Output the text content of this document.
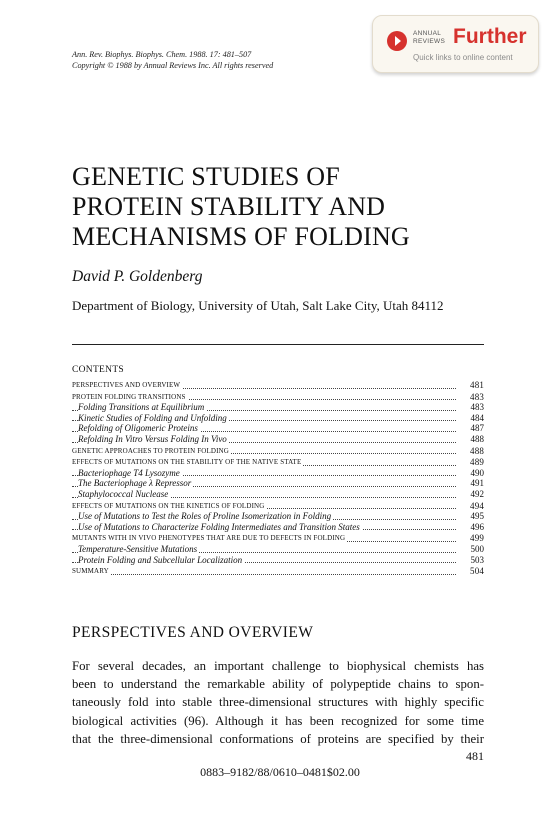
Ann. Rev. Biophys. Biophys. Chem. 1988. 17: 481–507
Copyright © 1988 by Annual Reviews Inc. All rights reserved
ANNUAL
REVIEWS Further
Quick links to online content
GENETIC STUDIES OF
PROTEIN STABILITY AND
MECHANISMS OF FOLDING
David P. Goldenberg
Department of Biology, University of Utah, Salt Lake City, Utah 84112
CONTENTS
PERSPECTIVES AND OVERVIEW	481
PROTEIN FOLDING TRANSITIONS	483
Folding Transitions at Equilibrium	483
Kinetic Studies of Folding and Unfolding	484
Refolding of Oligomeric Proteins	487
Refolding In Vitro Versus Folding In Vivo	488
GENETIC APPROACHES TO PROTEIN FOLDING	488
EFFECTS OF MUTATIONS ON THE STABILITY OF THE NATIVE STATE	489
Bacteriophage T4 Lysozyme	490
The Bacteriophage λ Repressor	491
Staphylococcal Nuclease	492
EFFECTS OF MUTATIONS ON THE KINETICS OF FOLDING	494
Use of Mutations to Test the Roles of Proline Isomerization in Folding	495
Use of Mutations to Characterize Folding Intermediates and Transition States	496
MUTANTS WITH IN VIVO PHENOTYPES THAT ARE DUE TO DEFECTS IN FOLDING	499
Temperature-Sensitive Mutations	500
Protein Folding and Subcellular Localization	503
SUMMARY	504
PERSPECTIVES AND OVERVIEW
For several decades, an important challenge to biophysical chemists has
been to understand the remarkable ability of polypeptide chains to spon-
taneously fold into stable three-dimensional structures with highly specific
biological activities (96). Although it has been recognized for some time
that the three-dimensional conformations of proteins are specified by their
481
0883–9182/88/0610–0481$02.00
